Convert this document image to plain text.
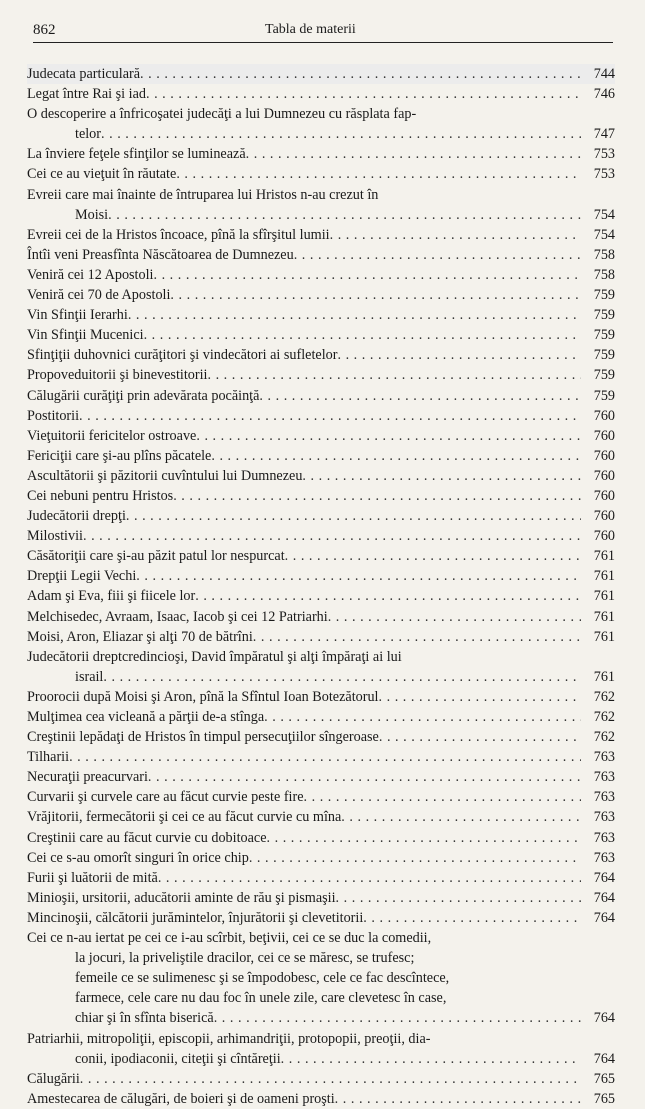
862	Tabla de materii
Judecata particulară . . .	744
Legat între Rai şi iad . . .	746
O descoperire a înfricoşatei judecăţi a lui Dumnezeu cu răsplata fap-
telor . . .	747
La înviere feţele sfinţilor se luminează . . .	753
Cei ce au vieţuit în răutate . . .	753
Evreii care mai înainte de întruparea lui Hristos n-au crezut în
Moisi . . .	754
Evreii cei de la Hristos încoace, pînă la sfîrşitul lumii . . .	754
Întîi veni Preasfînta Născătoarea de Dumnezeu . . .	758
Veniră cei 12 Apostoli . . .	758
Veniră cei 70 de Apostoli . . .	759
Vin Sfinţii Ierarhi . . .	759
Vin Sfinţii Mucenici . . .	759
Sfinţiţii duhovnici curăţitori şi vindecători ai sufletelor . . .	759
Propoveduitorii şi binevestitorii . . .	759
Călugării curăţiţi prin adevărata pocăinţă . . .	759
Postitorii . . .	760
Vieţuitorii fericitelor ostroave . . .	760
Fericiţii care şi-au plîns păcatele . . .	760
Ascultătorii şi păzitorii cuvîntului lui Dumnezeu . . .	760
Cei nebuni pentru Hristos . . .	760
Judecătorii drepţi . . .	760
Milostivii . . .	760
Căsătoriţii care şi-au păzit patul lor nespurcat . . .	761
Drepţii Legii Vechi . . .	761
Adam şi Eva, fiii şi fiicele lor . . .	761
Melchisedec, Avraam, Isaac, Iacob şi cei 12 Patriarhi . . .	761
Moisi, Aron, Eliazar şi alţi 70 de bătrîni . . .	761
Judecătorii dreptcredincioşi, David împăratul şi alţi împăraţi ai lui
israil . . .	761
Proorocii după Moisi şi Aron, pînă la Sfîntul Ioan Botezătorul . . .	762
Mulţimea cea vicleană a părţii de-a stînga . . .	762
Creştinii lepădaţi de Hristos în timpul persecuţiilor sîngeroase . . .	762
Tilharii . . .	763
Necuraţii preacurvari . . .	763
Curvarii şi curvele care au făcut curvie peste fire . . .	763
Vrăjitorii, fermecătorii şi cei ce au făcut curvie cu mîna . . .	763
Creştinii care au făcut curvie cu dobitoace . . .	763
Cei ce s-au omorît singuri în orice chip . . .	763
Furii şi luătorii de mită . . .	764
Minioşii, ursitorii, aducătorii aminte de rău şi pismaşii . . .	764
Mincinoşii, călcătorii jurămintelor, înjurătorii şi clevetitorii . . .	764
Cei ce n-au iertat pe cei ce i-au scîrbit, beţivii, cei ce se duc la comedii,
la jocuri, la priveliştile dracilor, cei ce se măresc, se trufesc;
femeile ce se sulimenesc şi se împodobesc, cele ce fac descîntece,
farmece, cele care nu dau foc în unele zile, care clevetesc în case,
chiar şi în sfînta biserică . . .	764
Patriarhii, mitropoliţii, episcopii, arhimandriţii, protopopii, preoţii, dia-
conii, ipodiaconii, citeţii şi cîntăreţii . . .	764
Călugării . . .	765
Amestecarea de călugări, de boieri şi de oameni proşti . . .	765
